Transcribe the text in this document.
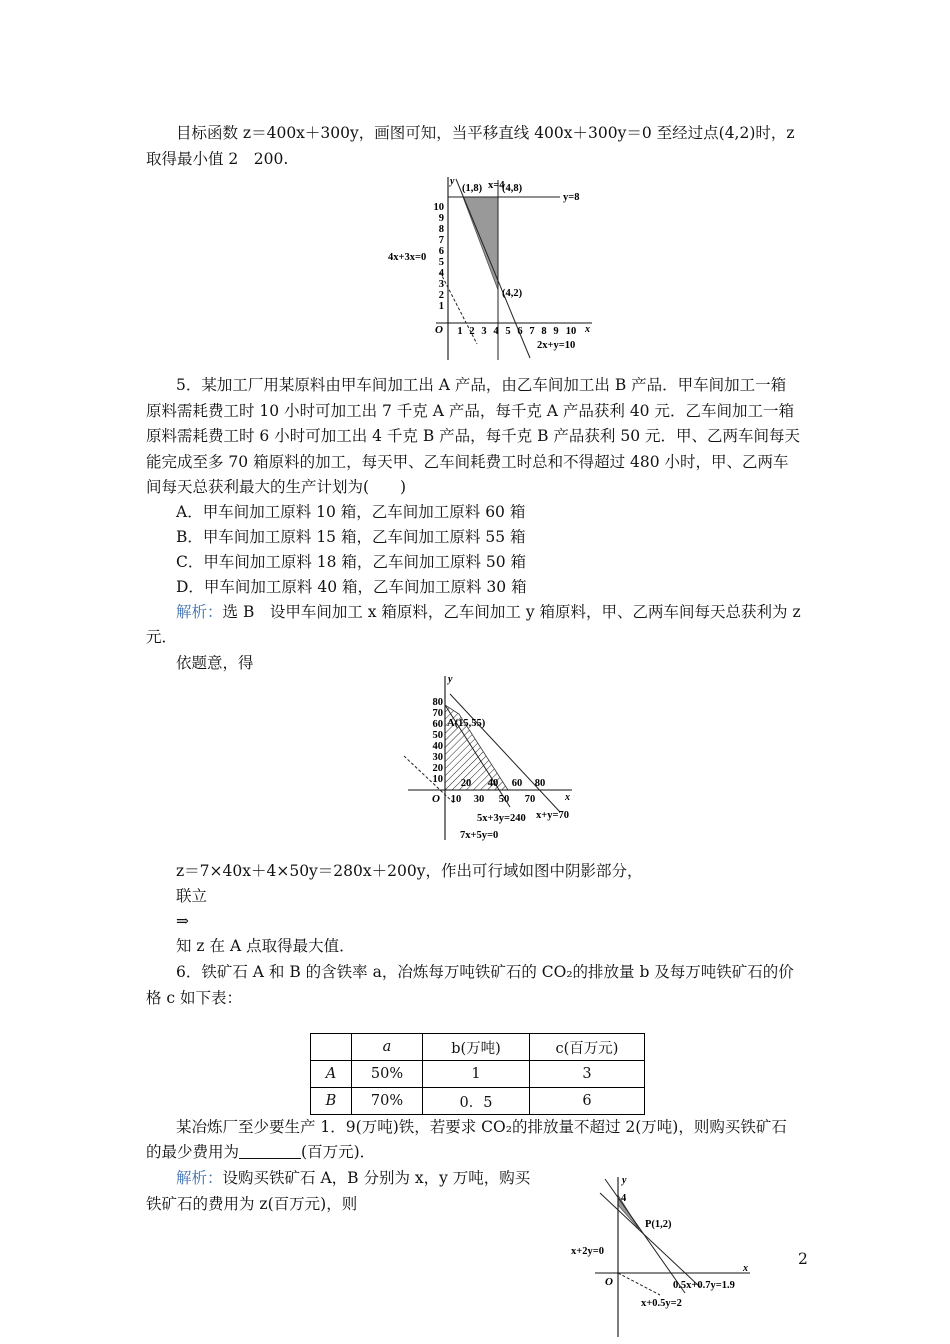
目标函数 z＝400x＋300y，画图可知，当平移直线 400x＋300y＝0 至经过点(4,2)时，z
取得最小值 2　200.
y
x
O
10
9
8
7
6
5
4
3
2
1
1 2 3 4 5 6 7 8 9 10
x=4
y=8
4x+3x=0
2x+y=10
(1,8) (4,8)
(4,2)
5．某加工厂用某原料由甲车间加工出 A 产品，由乙车间加工出 B 产品．甲车间加工一箱
原料需耗费工时 10 小时可加工出 7 千克 A 产品，每千克 A 产品获利 40 元．乙车间加工一箱
原料需耗费工时 6 小时可加工出 4 千克 B 产品，每千克 B 产品获利 50 元．甲、乙两车间每天
能完成至多 70 箱原料的加工，每天甲、乙车间耗费工时总和不得超过 480 小时，甲、乙两车
间每天总获利最大的生产计划为(　　)
A．甲车间加工原料 10 箱，乙车间加工原料 60 箱
B．甲车间加工原料 15 箱，乙车间加工原料 55 箱
C．甲车间加工原料 18 箱，乙车间加工原料 50 箱
D．甲车间加工原料 40 箱，乙车间加工原料 30 箱
解析：选 B　设甲车间加工 x 箱原料，乙车间加工 y 箱原料，甲、乙两车间每天总获利为 z
元．
依题意，得
y
x
O
80
70
60
50
40
30
20
10
10 30 50 70
20 40 60 80
A(15,55)
5x+3y=240 x+y=70
7x+5y=0
z＝7×40x＋4×50y＝280x＋200y，作出可行域如图中阴影部分，
联立
⇒
知 z 在 A 点取得最大值．
6．铁矿石 A 和 B 的含铁率 a，冶炼每万吨铁矿石的 CO₂的排放量 b 及每万吨铁矿石的价
格 c 如下表：
	a	b(万吨)	c(百万元)
A	50%	1	3
B	70%	0．5	6
某冶炼厂至少要生产 1．9(万吨)铁，若要求 CO₂的排放量不超过 2(万吨)，则购买铁矿石
的最少费用为	(百万元)．
解析：设购买铁矿石 A，B 分别为 x，y 万吨，购买
铁矿石的费用为 z(百万元)，则
y
x
O
4
P(1,2)
x+2y=0
0.5x+0.7y=1.9
x+0.5y=2
2
